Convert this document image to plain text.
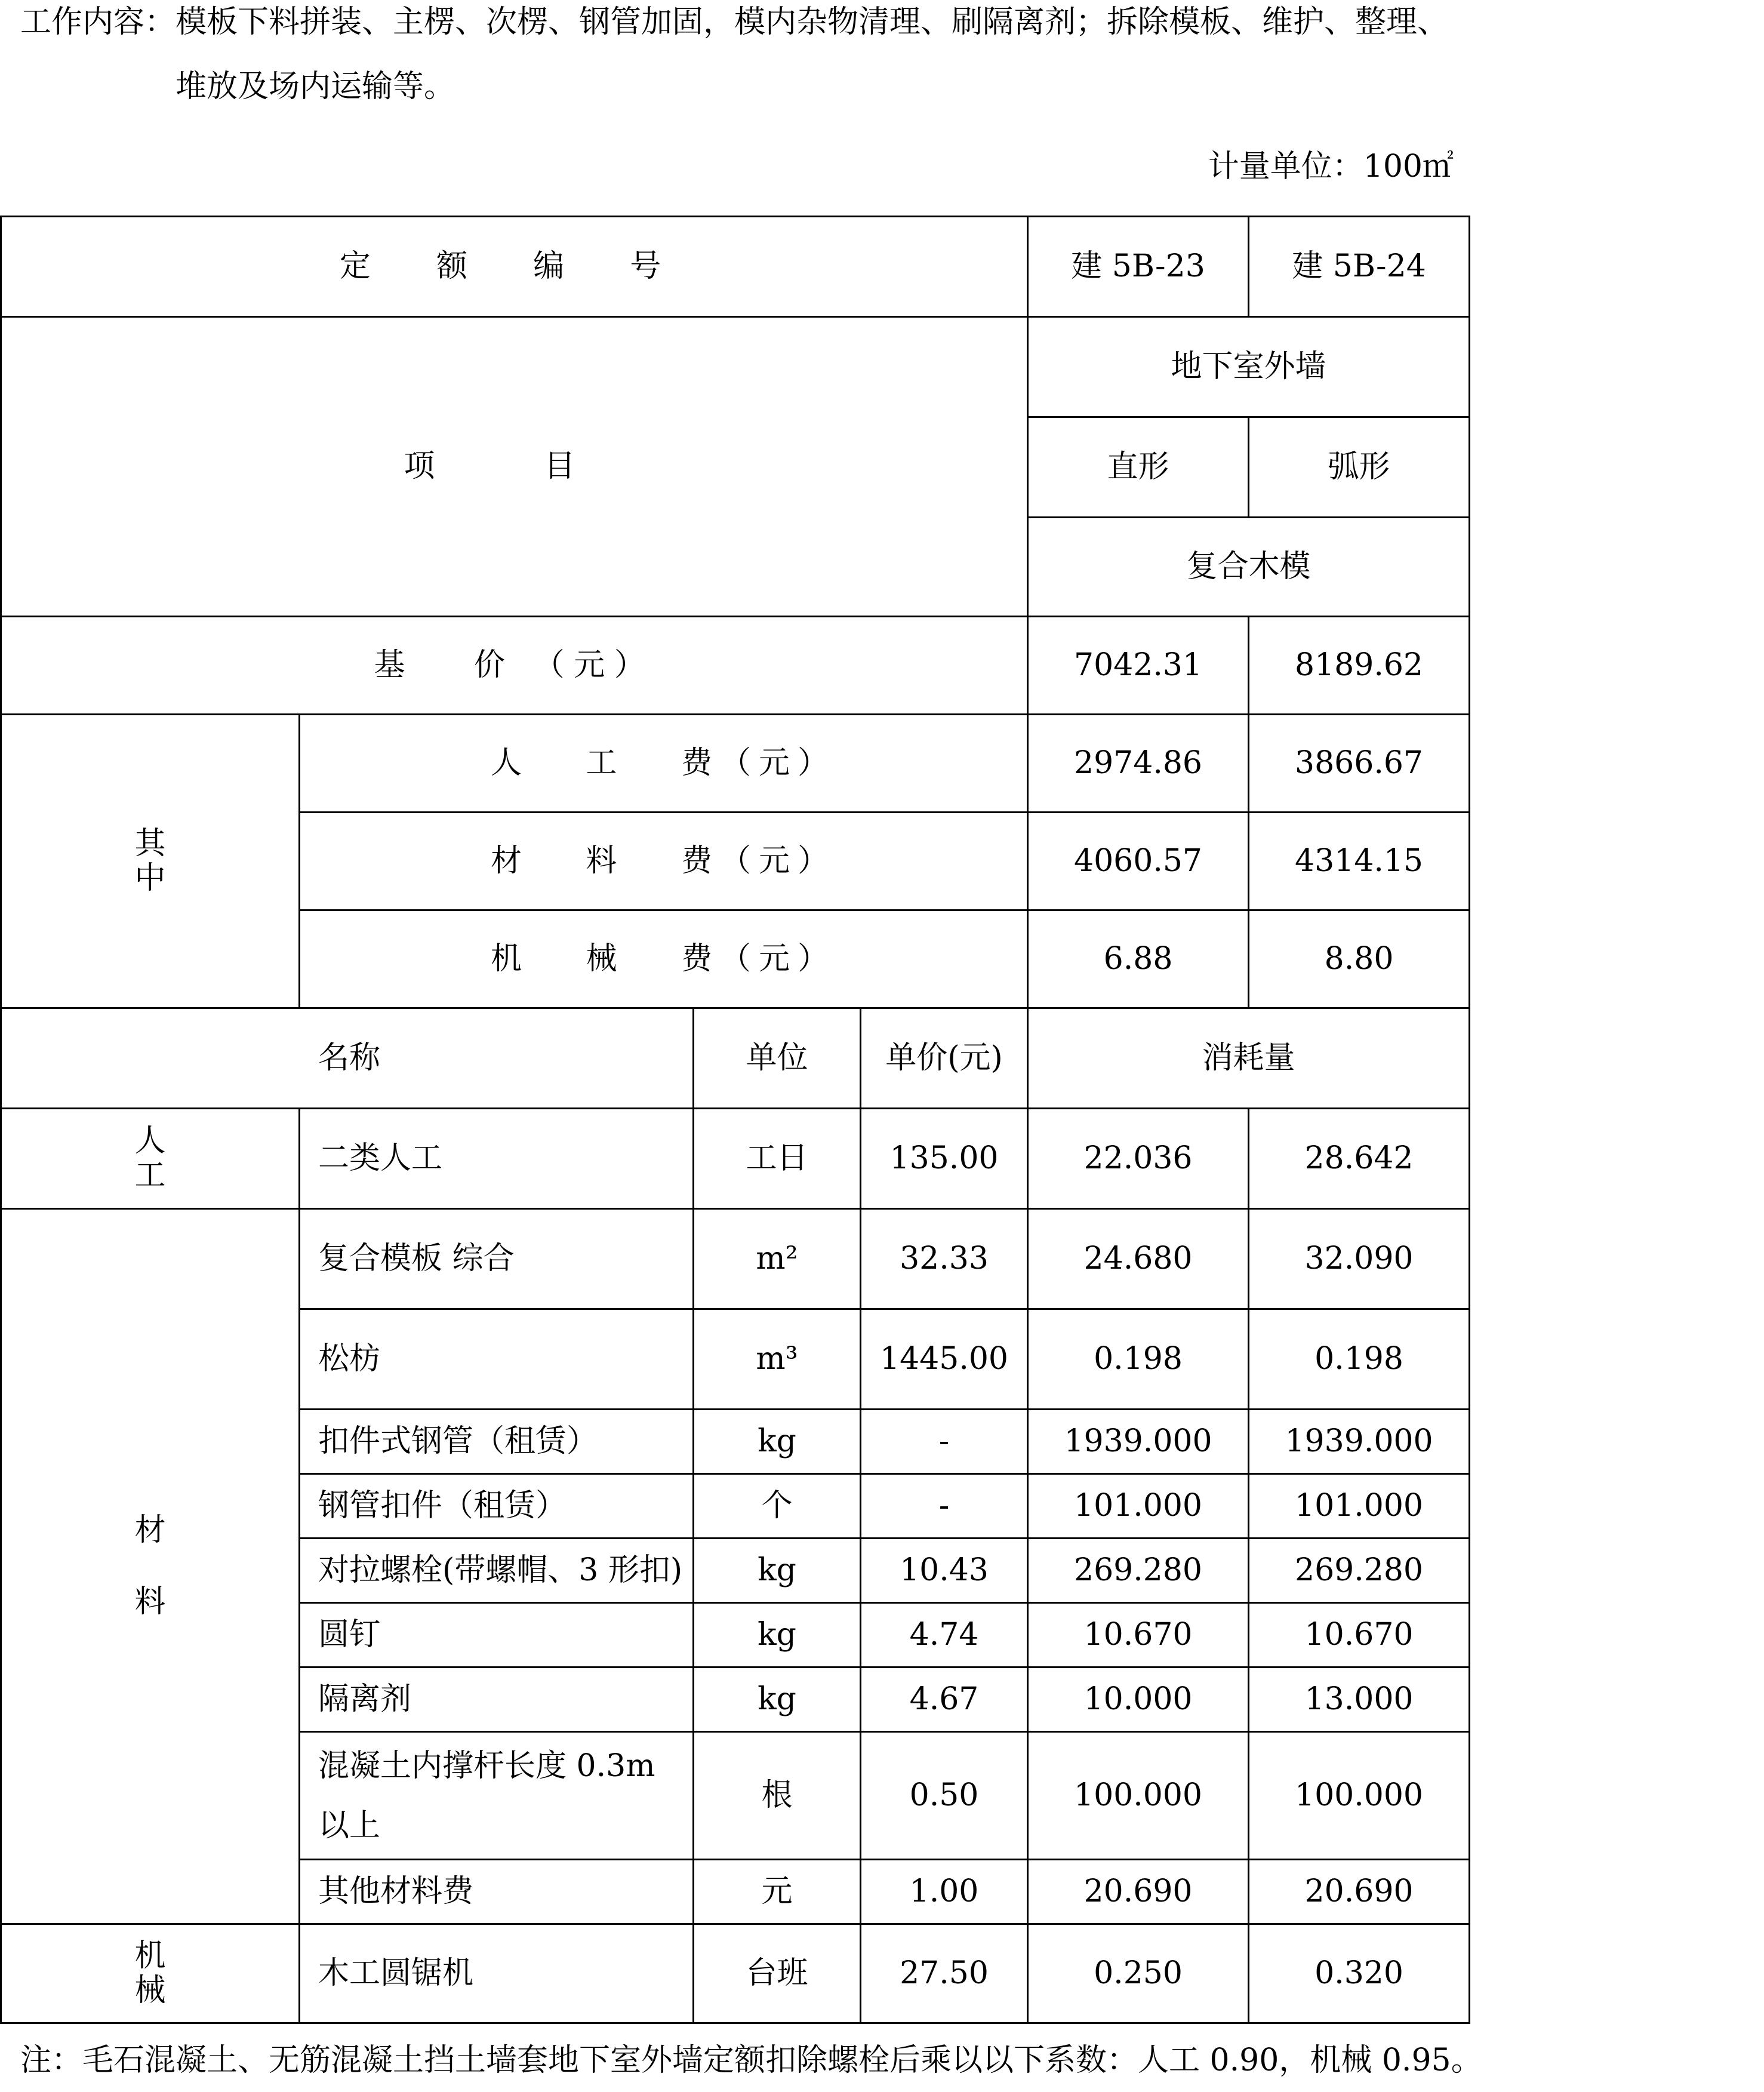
工作内容：模板下料拼装、主楞、次楞、钢管加固，模内杂物清理、刷隔离剂；拆除模板、维护、整理、
堆放及场内运输等。
计量单位：100㎡
定 额 编 号				建 5B-23	建 5B-24
项 目				地下室外墙	
				直形	弧形
				复合木模	
基　 价 （元）				7042.31	8189.62
其中	人　 工　 费（元）			2974.86	3866.67
	材　 料　 费（元）			4060.57	4314.15
	机　 械　 费（元）			6.88	8.80
名称		单位	单价(元)	消耗量	
人工	二类人工	工日	135.00	22.036	28.642
材料	复合模板 综合	m²	32.33	24.680	32.090
	松枋	m³	1445.00	0.198	0.198
	扣件式钢管（租赁）	kg	-	1939.000	1939.000
	钢管扣件（租赁）	个	-	101.000	101.000
	对拉螺栓(带螺帽、3 形扣)	kg	10.43	269.280	269.280
	圆钉	kg	4.74	10.670	10.670
	隔离剂	kg	4.67	10.000	13.000
	混凝土内撑杆长度 0.3m 以上	根	0.50	100.000	100.000
	其他材料费	元	1.00	20.690	20.690
机械	木工圆锯机	台班	27.50	0.250	0.320
注：毛石混凝土、无筋混凝土挡土墙套地下室外墙定额扣除螺栓后乘以以下系数：人工 0.90，机械 0.95。
